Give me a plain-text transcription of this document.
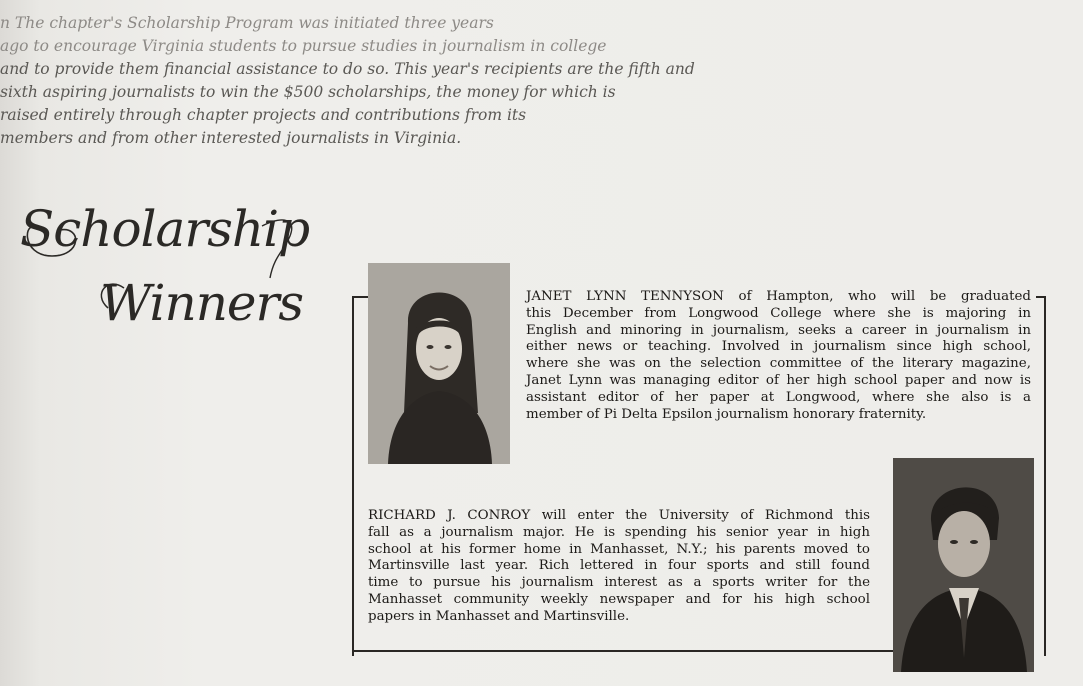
n The chapter's Scholarship Program was initiated three years
ago to encourage Virginia students to pursue studies in journalism in college
and to provide them financial assistance to do so. This year's recipients are the fifth and
sixth aspiring journalists to win the $500 scholarships, the money for which is
raised entirely through chapter projects and contributions from its
members and from other interested journalists in Virginia.
Scholarship
Winners	JANET LYNN TENNYSON of Hampton, who will be graduated
this December from Longwood College where she is majoring in
English and minoring in journalism, seeks a career in journalism in
either news or teaching. Involved in journalism since high school,
where she was on the selection committee of the literary magazine,
Janet Lynn was managing editor of her high school paper and now is
assistant editor of her paper at Longwood, where she also is a
member of Pi Delta Epsilon journalism honorary fraternity.
RICHARD J. CONROY will enter the University of Richmond this
fall as a journalism major. He is spending his senior year in high
school at his former home in Manhasset, N.Y.; his parents moved to
Martinsville last year. Rich lettered in four sports and still found
time to pursue his journalism interest as a sports writer for the
Manhasset community weekly newspaper and for his high school
papers in Manhasset and Martinsville.
